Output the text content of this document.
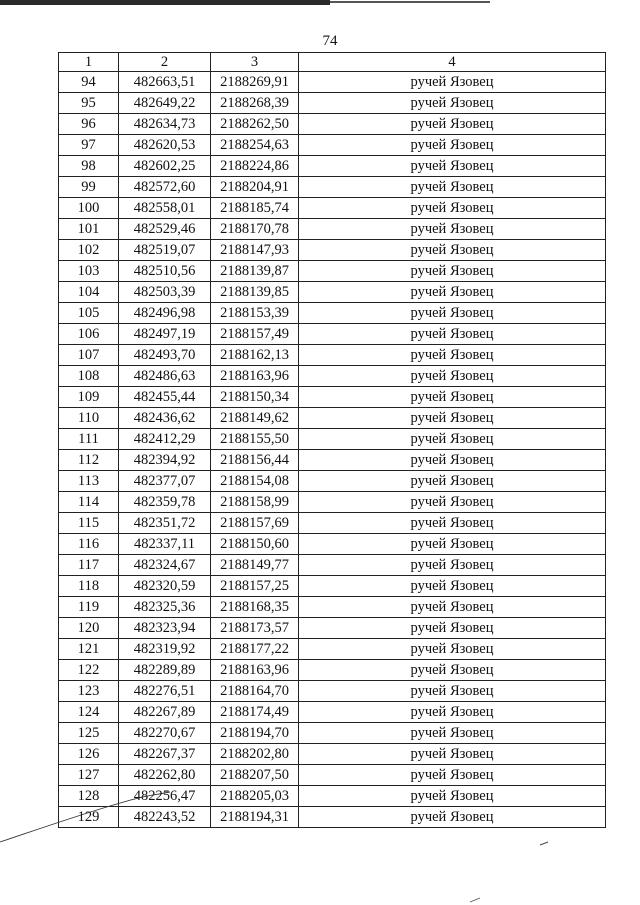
74
1	2	3	4
94	482663,51	2188269,91	ручей Язовец
95	482649,22	2188268,39	ручей Язовец
96	482634,73	2188262,50	ручей Язовец
97	482620,53	2188254,63	ручей Язовец
98	482602,25	2188224,86	ручей Язовец
99	482572,60	2188204,91	ручей Язовец
100	482558,01	2188185,74	ручей Язовец
101	482529,46	2188170,78	ручей Язовец
102	482519,07	2188147,93	ручей Язовец
103	482510,56	2188139,87	ручей Язовец
104	482503,39	2188139,85	ручей Язовец
105	482496,98	2188153,39	ручей Язовец
106	482497,19	2188157,49	ручей Язовец
107	482493,70	2188162,13	ручей Язовец
108	482486,63	2188163,96	ручей Язовец
109	482455,44	2188150,34	ручей Язовец
110	482436,62	2188149,62	ручей Язовец
111	482412,29	2188155,50	ручей Язовец
112	482394,92	2188156,44	ручей Язовец
113	482377,07	2188154,08	ручей Язовец
114	482359,78	2188158,99	ручей Язовец
115	482351,72	2188157,69	ручей Язовец
116	482337,11	2188150,60	ручей Язовец
117	482324,67	2188149,77	ручей Язовец
118	482320,59	2188157,25	ручей Язовец
119	482325,36	2188168,35	ручей Язовец
120	482323,94	2188173,57	ручей Язовец
121	482319,92	2188177,22	ручей Язовец
122	482289,89	2188163,96	ручей Язовец
123	482276,51	2188164,70	ручей Язовец
124	482267,89	2188174,49	ручей Язовец
125	482270,67	2188194,70	ручей Язовец
126	482267,37	2188202,80	ручей Язовец
127	482262,80	2188207,50	ручей Язовец
128	482256,47	2188205,03	ручей Язовец
129	482243,52	2188194,31	ручей Язовец
